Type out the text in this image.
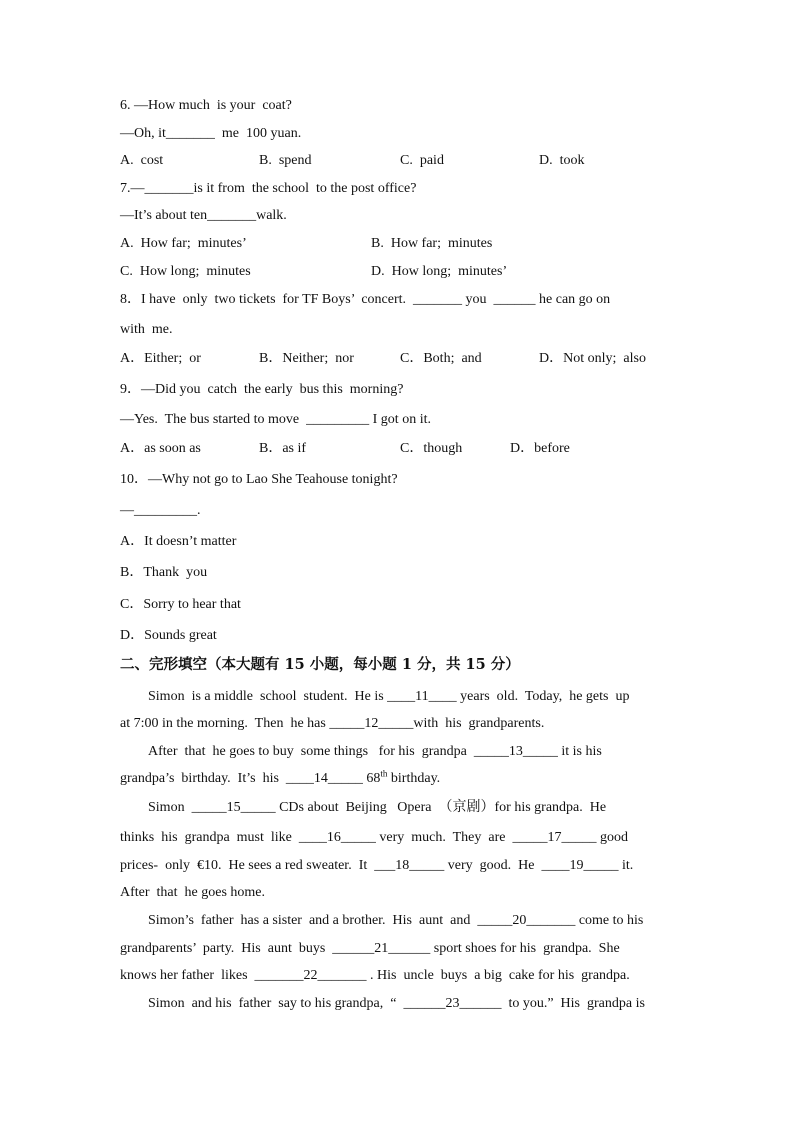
6. —How much  is your  coat?
—Oh, it_______  me  100 yuan.
A.  cost	B.  spend	C.  paid	D.  took
7.—_______is it from  the school  to the post office?
—It’s about ten_______walk.
A.  How far;  minutes’	B.  How far;  minutes
C.  How long;  minutes	D.  How long;  minutes’
8．I have  only  two tickets  for TF Boys’  concert.  _______ you  ______ he can go on
with  me.
A．Either;  or	B．Neither;  nor	C．Both;  and	D．Not only;  also
9．—Did you  catch  the early  bus this  morning?
—Yes.  The bus started to move  _________ I got on it.
A．as soon as	B．as if	C．though	D．before
10．—Why not go to Lao She Teahouse tonight?
—_________.
A．It doesn’t matter
B．Thank  you
C．Sorry to hear that
D．Sounds great
二、完形填空（本大题有 15 小题，每小题 1 分，共 15 分）
Simon  is a middle  school  student.  He is ____11____ years  old.  Today,  he gets  up
at 7:00 in the morning.  Then  he has _____12_____with  his  grandparents.
After  that  he goes to buy  some things   for his  grandpa  _____13_____ it is his
grandpa’s  birthday.  It’s  his  ____14_____ 68th birthday.
Simon  _____15_____ CDs about  Beijing   Opera  （京剧）for his grandpa.  He
thinks  his  grandpa  must  like  ____16_____ very  much.  They  are  _____17_____ good
prices-  only  €10.  He sees a red sweater.  It  ___18_____ very  good.  He  ____19_____ it.
After  that  he goes home.
Simon’s  father  has a sister  and a brother.  His  aunt  and  _____20_______ come to his
grandparents’  party.  His  aunt  buys  ______21______ sport shoes for his  grandpa.  She
knows her father  likes  _______22_______ . His  uncle  buys  a big  cake for his  grandpa.
Simon  and his  father  say to his grandpa,  “  ______23______  to you.”  His  grandpa is
